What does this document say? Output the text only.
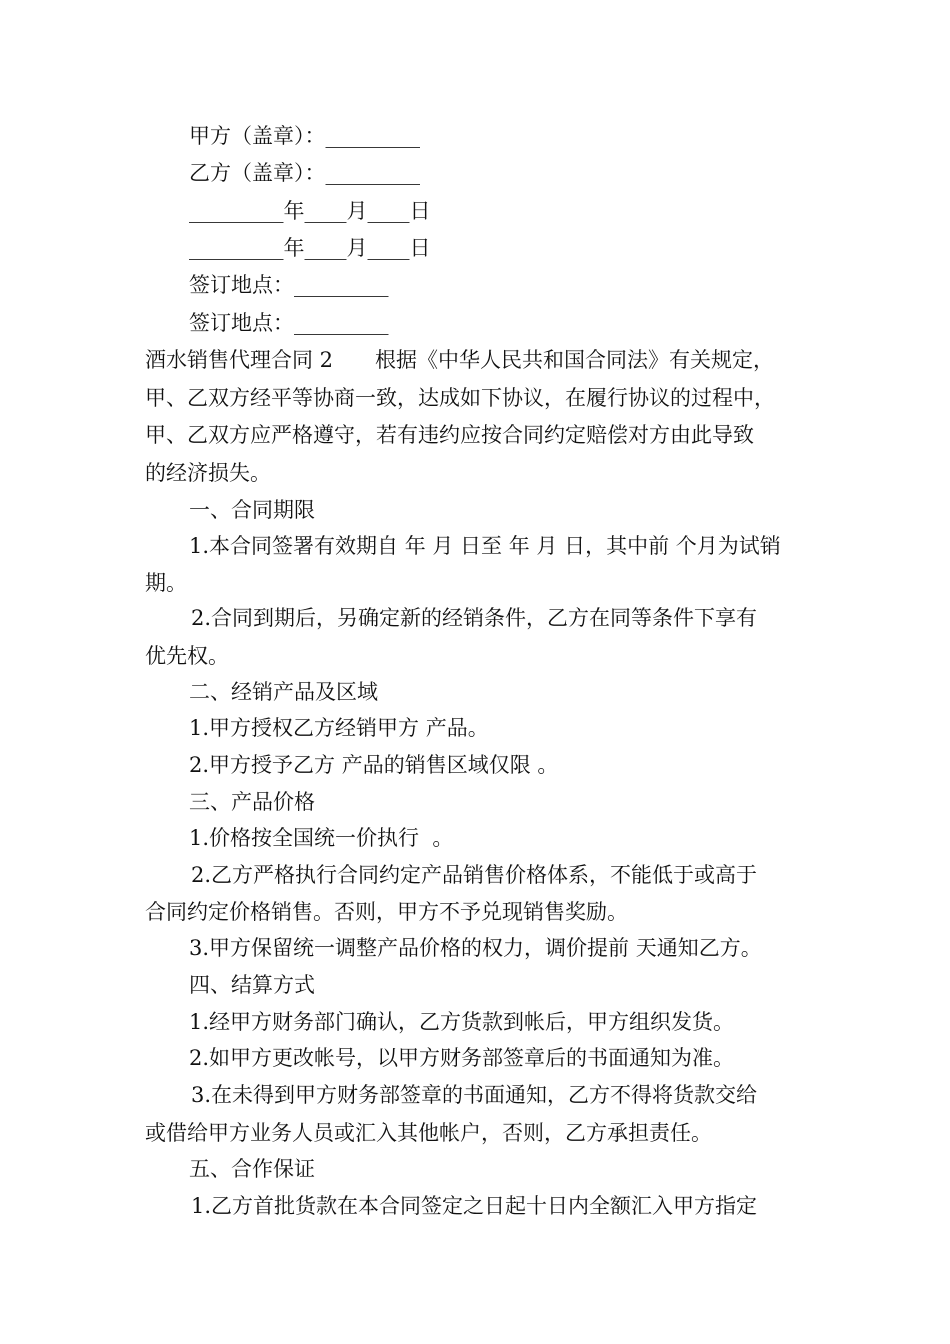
甲方（盖章）：_________
乙方（盖章）：_________
_________年____月____日
_________年____月____日
签订地点：_________
签订地点：_________
酒水销售代理合同 2　　根据《中华人民共和国合同法》有关规定，
甲、乙双方经平等协商一致，达成如下协议，在履行协议的过程中，
甲、乙双方应严格遵守，若有违约应按合同约定赔偿对方由此导致
的经济损失。
一、合同期限
1.本合同签署有效期自 年 月 日至 年 月 日，其中前 个月为试销
期。
2.合同到期后，另确定新的经销条件，乙方在同等条件下享有
优先权。
二、经销产品及区域
1.甲方授权乙方经销甲方 产品。
2.甲方授予乙方 产品的销售区域仅限 。
三、产品价格
1.价格按全国统一价执行  。
2.乙方严格执行合同约定产品销售价格体系，不能低于或高于
合同约定价格销售。否则，甲方不予兑现销售奖励。
3.甲方保留统一调整产品价格的权力，调价提前 天通知乙方。
四、结算方式
1.经甲方财务部门确认，乙方货款到帐后，甲方组织发货。
2.如甲方更改帐号，以甲方财务部签章后的书面通知为准。
3.在未得到甲方财务部签章的书面通知，乙方不得将货款交给
或借给甲方业务人员或汇入其他帐户，否则，乙方承担责任。
五、合作保证
1.乙方首批货款在本合同签定之日起十日内全额汇入甲方指定
